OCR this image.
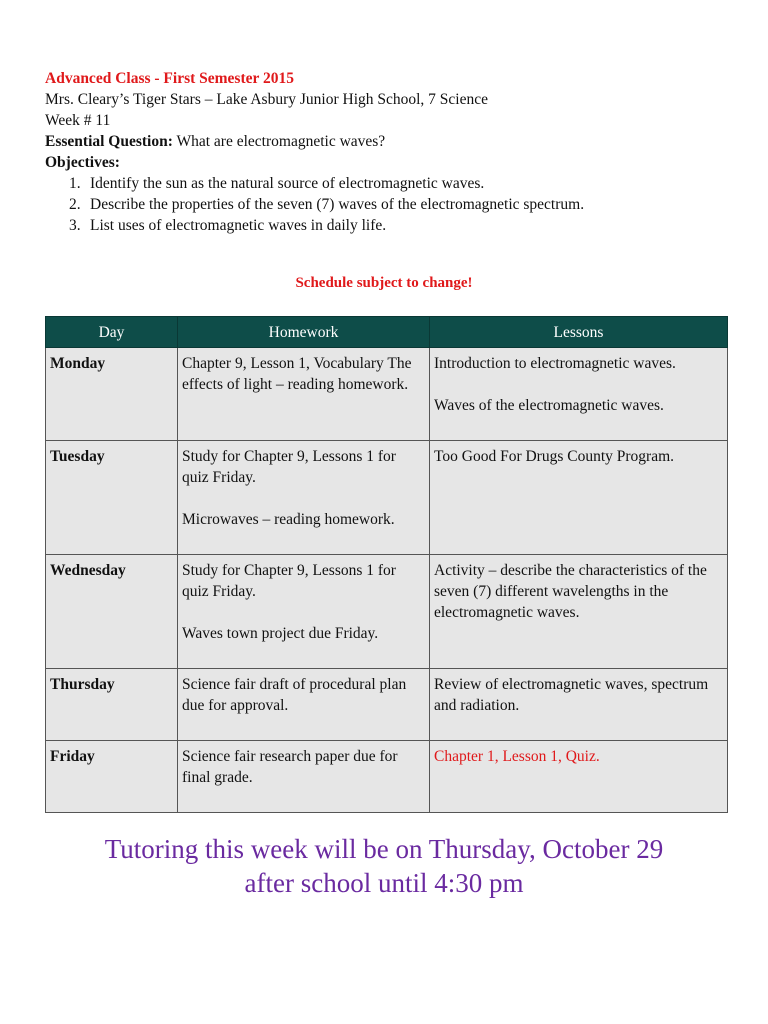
Advanced Class - First Semester 2015
Mrs. Cleary’s Tiger Stars – Lake Asbury Junior High School, 7 Science
Week # 11
Essential Question: What are electromagnetic waves?
Objectives:
1. Identify the sun as the natural source of electromagnetic waves.
2. Describe the properties of the seven (7) waves of the electromagnetic spectrum.
3. List uses of electromagnetic waves in daily life.
Schedule subject to change!
Day	Homework	Lessons
Monday	Chapter 9, Lesson 1, Vocabulary The effects of light – reading homework.	Introduction to electromagnetic waves.
Waves of the electromagnetic waves.

Tuesday	Study for Chapter 9, Lessons 1 for quiz Friday.
Microwaves – reading homework.	Too Good For Drugs County Program.

Wednesday	Study for Chapter 9, Lessons 1 for quiz Friday.
Waves town project due Friday.	Activity – describe the characteristics of the seven (7) different wavelengths in the electromagnetic waves.

Thursday	Science fair draft of procedural plan due for approval.	Review of electromagnetic waves, spectrum and radiation.

Friday	Science fair research paper due for final grade.	Chapter 1, Lesson 1, Quiz.
Tutoring this week will be on Thursday, October 29
after school until 4:30 pm
